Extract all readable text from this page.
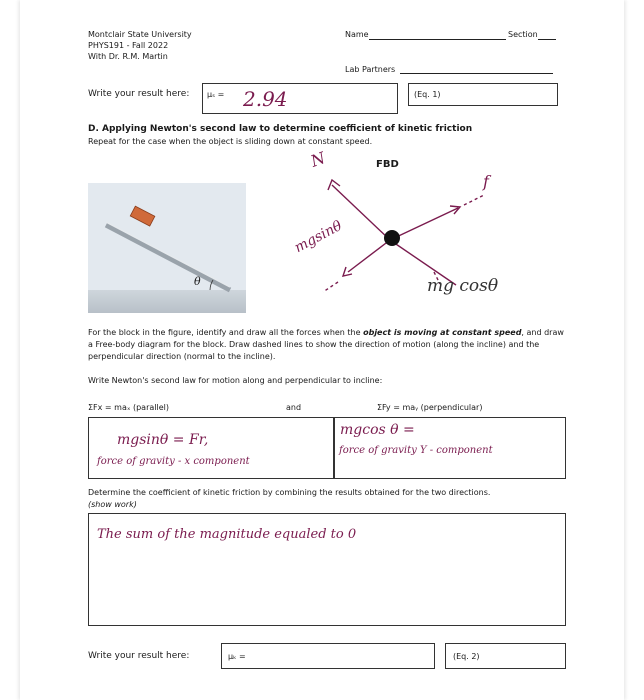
Montclair State University
PHYS191 - Fall 2022
With Dr. R.M. Martin
Name	Section
Lab Partners
Write your result here: μₛ = 2.94	(Eq. 1)
D. Applying Newton's second law to determine coefficient of kinetic friction
Repeat for the case when the object is sliding down at constant speed.
FBD
θ
N
f
mgsinθ
mg cosθ
For the block in the figure, identify and draw all the forces when the object is moving at constant speed, and draw a Free-body diagram for the block. Draw dashed lines to show the direction of motion (along the incline) and the perpendicular direction (normal to the incline).
Write Newton's second law for motion along and perpendicular to incline:
ΣFx = maₓ (parallel)	and	ΣFy = maᵧ (perpendicular)
mgsinθ = Fr,
force of gravity - x component
mgcos θ =
force of gravity Y - component
Determine the coefficient of kinetic friction by combining the results obtained for the two directions.
(show work)
The sum of the magnitude equaled to 0
Write your result here:	μₖ =	(Eq. 2)
